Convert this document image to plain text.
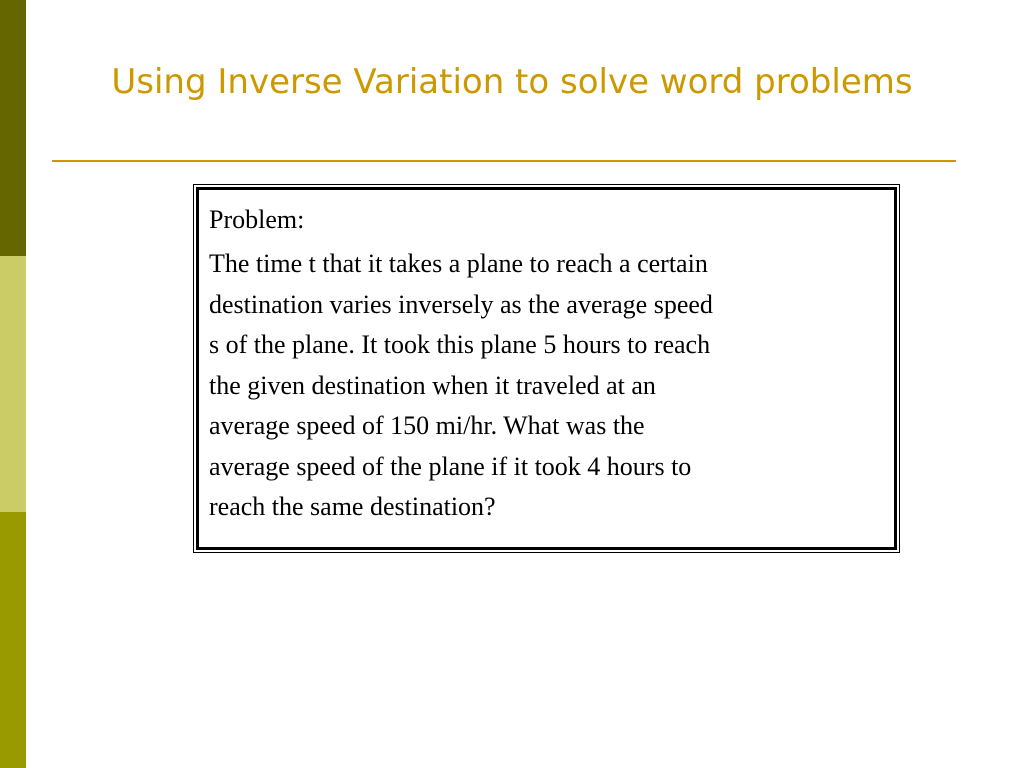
Using Inverse Variation to solve word problems

Problem:

The time t that it takes a plane to reach a certain
destination varies inversely as the average speed
s of the plane. It took this plane 5 hours to reach
the given destination when it traveled at an
average speed of 150 mi/hr. What was the
average speed of the plane if it took 4 hours to
reach the same destination?
